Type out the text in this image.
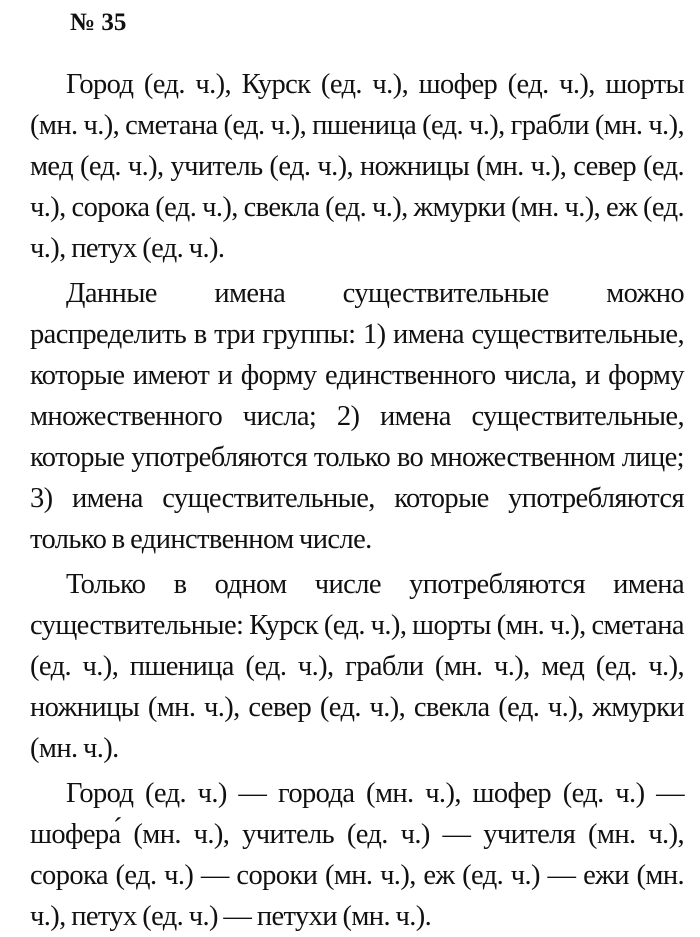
№ 35

Город (ед. ч.), Курск (ед. ч.), шофер (ед. ч.), шорты (мн. ч.), сметана (ед. ч.), пшеница (ед. ч.), грабли (мн. ч.), мед (ед. ч.), учитель (ед. ч.), ножницы (мн. ч.), север (ед. ч.), сорока (ед. ч.), свекла (ед. ч.), жмурки (мн. ч.), еж (ед. ч.), петух (ед. ч.).

Данные имена существительные можно распределить в три группы: 1) имена существительные, которые имеют и форму единственного числа, и форму множественного числа; 2) имена существительные, которые употребляются только во множественном лице; 3) имена существительные, которые употребляются только в единственном числе.

Только в одном числе употребляются имена существительные: Курск (ед. ч.), шорты (мн. ч.), сметана (ед. ч.), пшеница (ед. ч.), грабли (мн. ч.), мед (ед. ч.), ножницы (мн. ч.), север (ед. ч.), свекла (ед. ч.), жмурки (мн. ч.).

Город (ед. ч.) — города (мн. ч.), шофер (ед. ч.) — шофера́ (мн. ч.), учитель (ед. ч.) — учителя (мн. ч.), сорока (ед. ч.) — сороки (мн. ч.), еж (ед. ч.) — ежи (мн. ч.), петух (ед. ч.) — петухи (мн. ч.).
